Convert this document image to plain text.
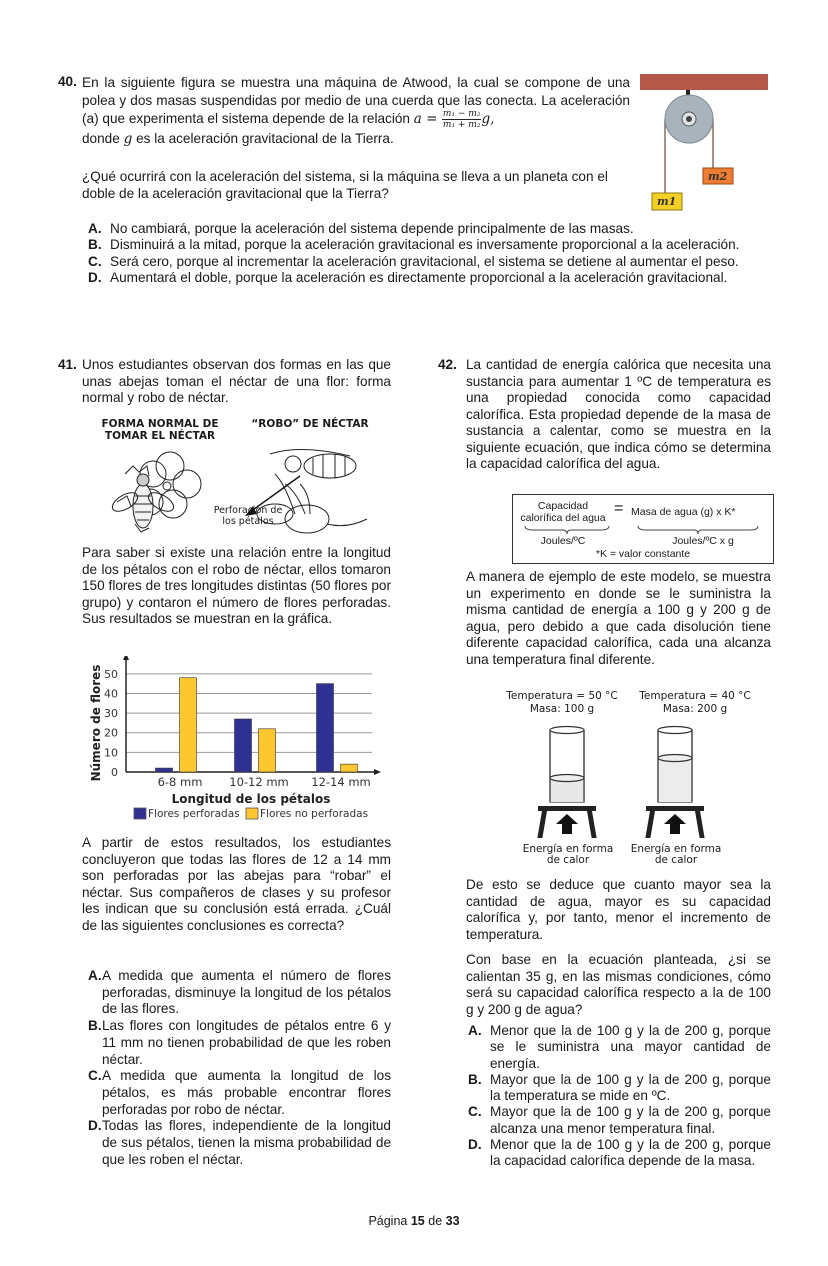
40. En la siguiente figura se muestra una máquina de Atwood, la cual se compone de una polea y dos masas suspendidas por medio de una cuerda que las conecta. La aceleración (a) que experimenta el sistema depende de la relación $a = \frac{\text{m₁ − m₂}}{\text{m₁ + m₂}} g$,
donde g es la aceleración gravitacional de la Tierra.
¿Qué ocurrirá con la aceleración del sistema, si la máquina se lleva a un planeta con el doble de la aceleración gravitacional que la Tierra?
m2
m1
A. No cambiará, porque la aceleración del sistema depende principalmente de las masas.
B. Disminuirá a la mitad, porque la aceleración gravitacional es inversamente proporcional a la aceleración.
C. Será cero, porque al incrementar la aceleración gravitacional, el sistema se detiene al aumentar el peso.
D. Aumentará el doble, porque la aceleración es directamente proporcional a la aceleración gravitacional.
41. Unos estudiantes observan dos formas en las que unas abejas toman el néctar de una flor: forma normal y robo de néctar.
FORMA NORMAL DE TOMAR EL NÉCTAR
“ROBO” DE NÉCTAR
Perforación de los pétalos
Para saber si existe una relación entre la longitud de los pétalos con el robo de néctar, ellos tomaron 150 flores de tres longitudes distintas (50 flores por grupo) y contaron el número de flores perforadas. Sus resultados se muestran en la gráfica.
0
10
20
30
40
50
6-8 mm 10-12 mm 12-14 mm
Longitud de los pétalos
Número de flores
Flores perforadas Flores no perforadas
A partir de estos resultados, los estudiantes concluyeron que todas las flores de 12 a 14 mm son perforadas por las abejas para “robar” el néctar. Sus compañeros de clases y su profesor les indican que su conclusión está errada. ¿Cuál de las siguientes conclusiones es correcta?
A. A medida que aumenta el número de flores perforadas, disminuye la longitud de los pétalos de las flores.
B. Las flores con longitudes de pétalos entre 6 y 11 mm no tienen probabilidad de que les roben néctar.
C. A medida que aumenta la longitud de los pétalos, es más probable encontrar flores perforadas por robo de néctar.
D. Todas las flores, independiente de la longitud de sus pétalos, tienen la misma probabilidad de que les roben el néctar.
42. La cantidad de energía calórica que necesita una sustancia para aumentar 1 ºC de temperatura es una propiedad conocida como capacidad calorífica. Esta propiedad depende de la masa de sustancia a calentar, como se muestra en la siguiente ecuación, que indica cómo se determina la capacidad calorífica del agua.
Capacidad calorífica del agua
= Masa de agua (g) x K*
Joules/ºC	Joules/ºC x g
*K = valor constante
A manera de ejemplo de este modelo, se muestra un experimento en donde se le suministra la misma cantidad de energía a 100 g y 200 g de agua, pero debido a que cada disolución tiene diferente capacidad calorífica, cada una alcanza una temperatura final diferente.
Temperatura = 50 °C
Masa: 100 g
Temperatura = 40 °C
Masa: 200 g
Energía en forma de calor
Energía en forma de calor
De esto se deduce que cuanto mayor sea la cantidad de agua, mayor es su capacidad calorífica y, por tanto, menor el incremento de temperatura.
Con base en la ecuación planteada, ¿si se calientan 35 g, en las mismas condiciones, cómo será su capacidad calorífica respecto a la de 100 g y 200 g de agua?
A. Menor que la de 100 g y la de 200 g, porque se le suministra una mayor cantidad de energía.
B. Mayor que la de 100 g y la de 200 g, porque la temperatura se mide en ºC.
C. Mayor que la de 100 g y la de 200 g, porque alcanza una menor temperatura final.
D. Menor que la de 100 g y la de 200 g, porque la capacidad calorífica depende de la masa.
Página 15 de 33
